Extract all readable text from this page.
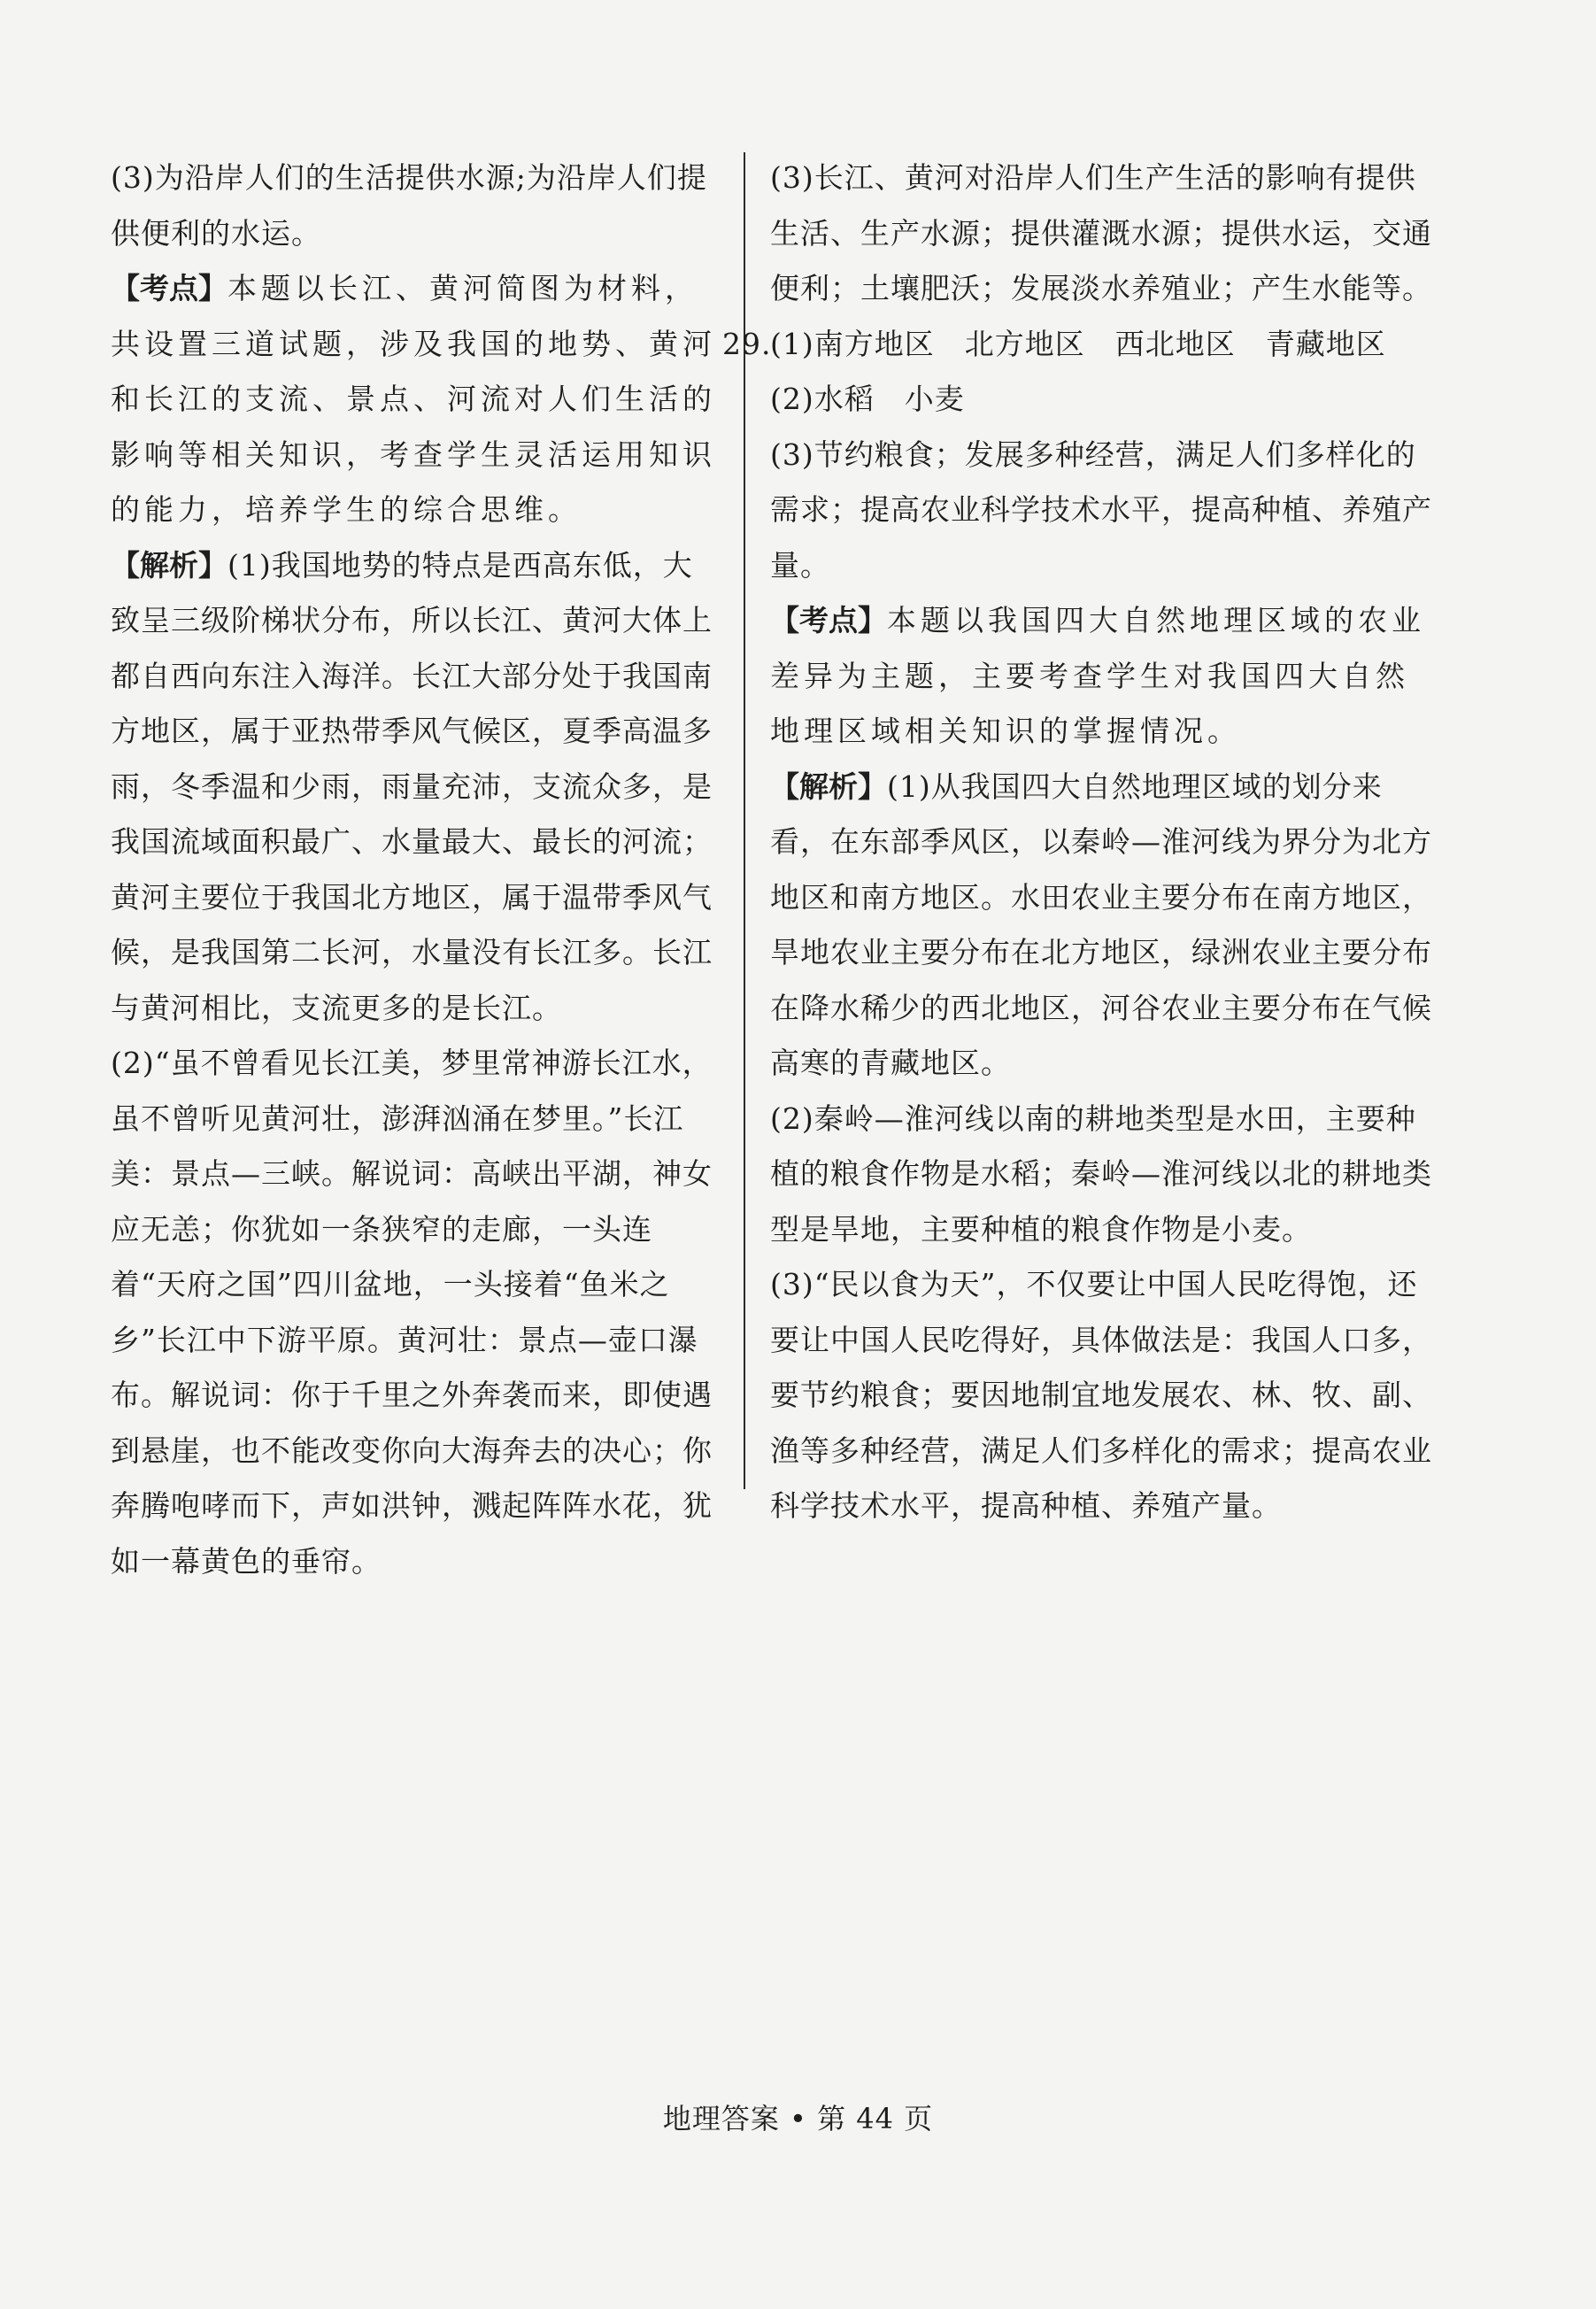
(3)为沿岸人们的生活提供水源;为沿岸人们提供便利的水运。

【考点】本题以长江、黄河简图为材料，共设置三道试题，涉及我国的地势、黄河和长江的支流、景点、河流对人们生活的影响等相关知识，考查学生灵活运用知识的能力，培养学生的综合思维。

【解析】(1)我国地势的特点是西高东低，大致呈三级阶梯状分布，所以长江、黄河大体上都自西向东注入海洋。长江大部分处于我国南方地区，属于亚热带季风气候区，夏季高温多雨，冬季温和少雨，雨量充沛，支流众多，是我国流域面积最广、水量最大、最长的河流；黄河主要位于我国北方地区，属于温带季风气候，是我国第二长河，水量没有长江多。长江与黄河相比，支流更多的是长江。

(2)“虽不曾看见长江美，梦里常神游长江水，虽不曾听见黄河壮，澎湃汹涌在梦里。”长江美：景点—三峡。解说词：高峡出平湖，神女应无恙；你犹如一条狭窄的走廊，一头连着“天府之国”四川盆地，一头接着“鱼米之乡”长江中下游平原。黄河壮：景点—壶口瀑布。解说词：你于千里之外奔袭而来，即使遇到悬崖，也不能改变你向大海奔去的决心；你奔腾咆哮而下，声如洪钟，溅起阵阵水花，犹如一幕黄色的垂帘。

(3)长江、黄河对沿岸人们生产生活的影响有提供生活、生产水源；提供灌溉水源；提供水运，交通便利；土壤肥沃；发展淡水养殖业；产生水能等。

29.

(1)南方地区 北方地区 西北地区 青藏地区

(2)水稻 小麦

(3)节约粮食；发展多种经营，满足人们多样化的需求；提高农业科学技术水平，提高种植、养殖产量。

【考点】本题以我国四大自然地理区域的农业差异为主题，主要考查学生对我国四大自然地理区域相关知识的掌握情况。

【解析】(1)从我国四大自然地理区域的划分来看，在东部季风区，以秦岭—淮河线为界分为北方地区和南方地区。水田农业主要分布在南方地区，旱地农业主要分布在北方地区，绿洲农业主要分布在降水稀少的西北地区，河谷农业主要分布在气候高寒的青藏地区。

(2)秦岭—淮河线以南的耕地类型是水田，主要种植的粮食作物是水稻；秦岭—淮河线以北的耕地类型是旱地，主要种植的粮食作物是小麦。

(3)“民以食为天”，不仅要让中国人民吃得饱，还要让中国人民吃得好，具体做法是：我国人口多，要节约粮食；要因地制宜地发展农、林、牧、副、渔等多种经营，满足人们多样化的需求；提高农业科学技术水平，提高种植、养殖产量。

地理答案 • 第 44 页
